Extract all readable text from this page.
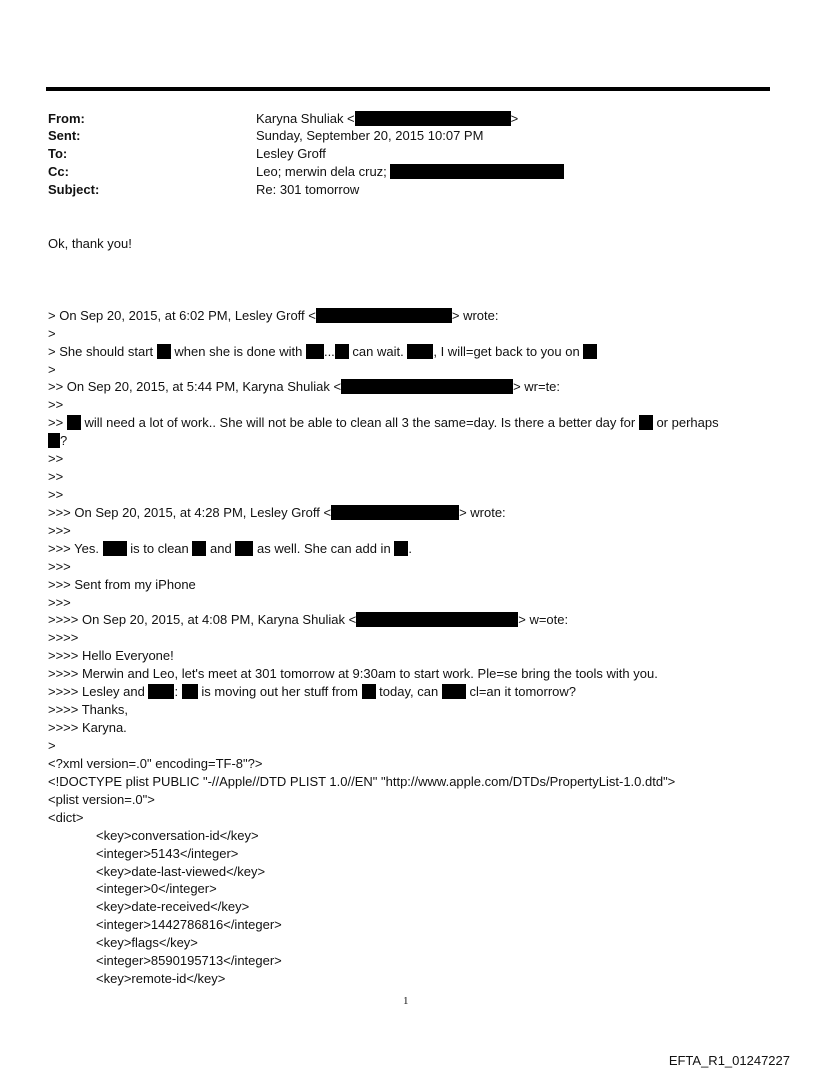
From:	Karyna Shuliak <	>
Sent:	Sunday, September 20, 2015 10:07 PM
To:	Lesley Groff
Cc:	Leo; merwin dela cruz;
Subject:	Re: 301 tomorrow
Ok, thank you!
> On Sep 20, 2015, at 6:02 PM, Lesley Groff <	> wrote:
>
> She should start when she is done with ... can wait. , I will=get back to you on
>
>> On Sep 20, 2015, at 5:44 PM, Karyna Shuliak <	> wr=te:
>>
>> will need a lot of work.. She will not be able to clean all 3 the same=day. Is there a better day for or perhaps
?
>>
>>
>>
>>> On Sep 20, 2015, at 4:28 PM, Lesley Groff <	> wrote:
>>>
>>> Yes. is to clean and as well. She can add in .
>>>
>>> Sent from my iPhone
>>>
>>>> On Sep 20, 2015, at 4:08 PM, Karyna Shuliak <	> w=ote:
>>>>
>>>> Hello Everyone!
>>>> Merwin and Leo, let's meet at 301 tomorrow at 9:30am to start work. Ple=se bring the tools with you.
>>>> Lesley and : is moving out her stuff from today, can cl=an it tomorrow?
>>>> Thanks,
>>>> Karyna.
>
<?xml version=.0" encoding=TF-8"?>
<!DOCTYPE plist PUBLIC "-//Apple//DTD PLIST 1.0//EN" "http://www.apple.com/DTDs/PropertyList-1.0.dtd">
<plist version=.0">
<dict>
<key>conversation-id</key>
<integer>5143</integer>
<key>date-last-viewed</key>
<integer>0</integer>
<key>date-received</key>
<integer>1442786816</integer>
<key>flags</key>
<integer>8590195713</integer>
<key>remote-id</key>
1
EFTA_R1_01247227
